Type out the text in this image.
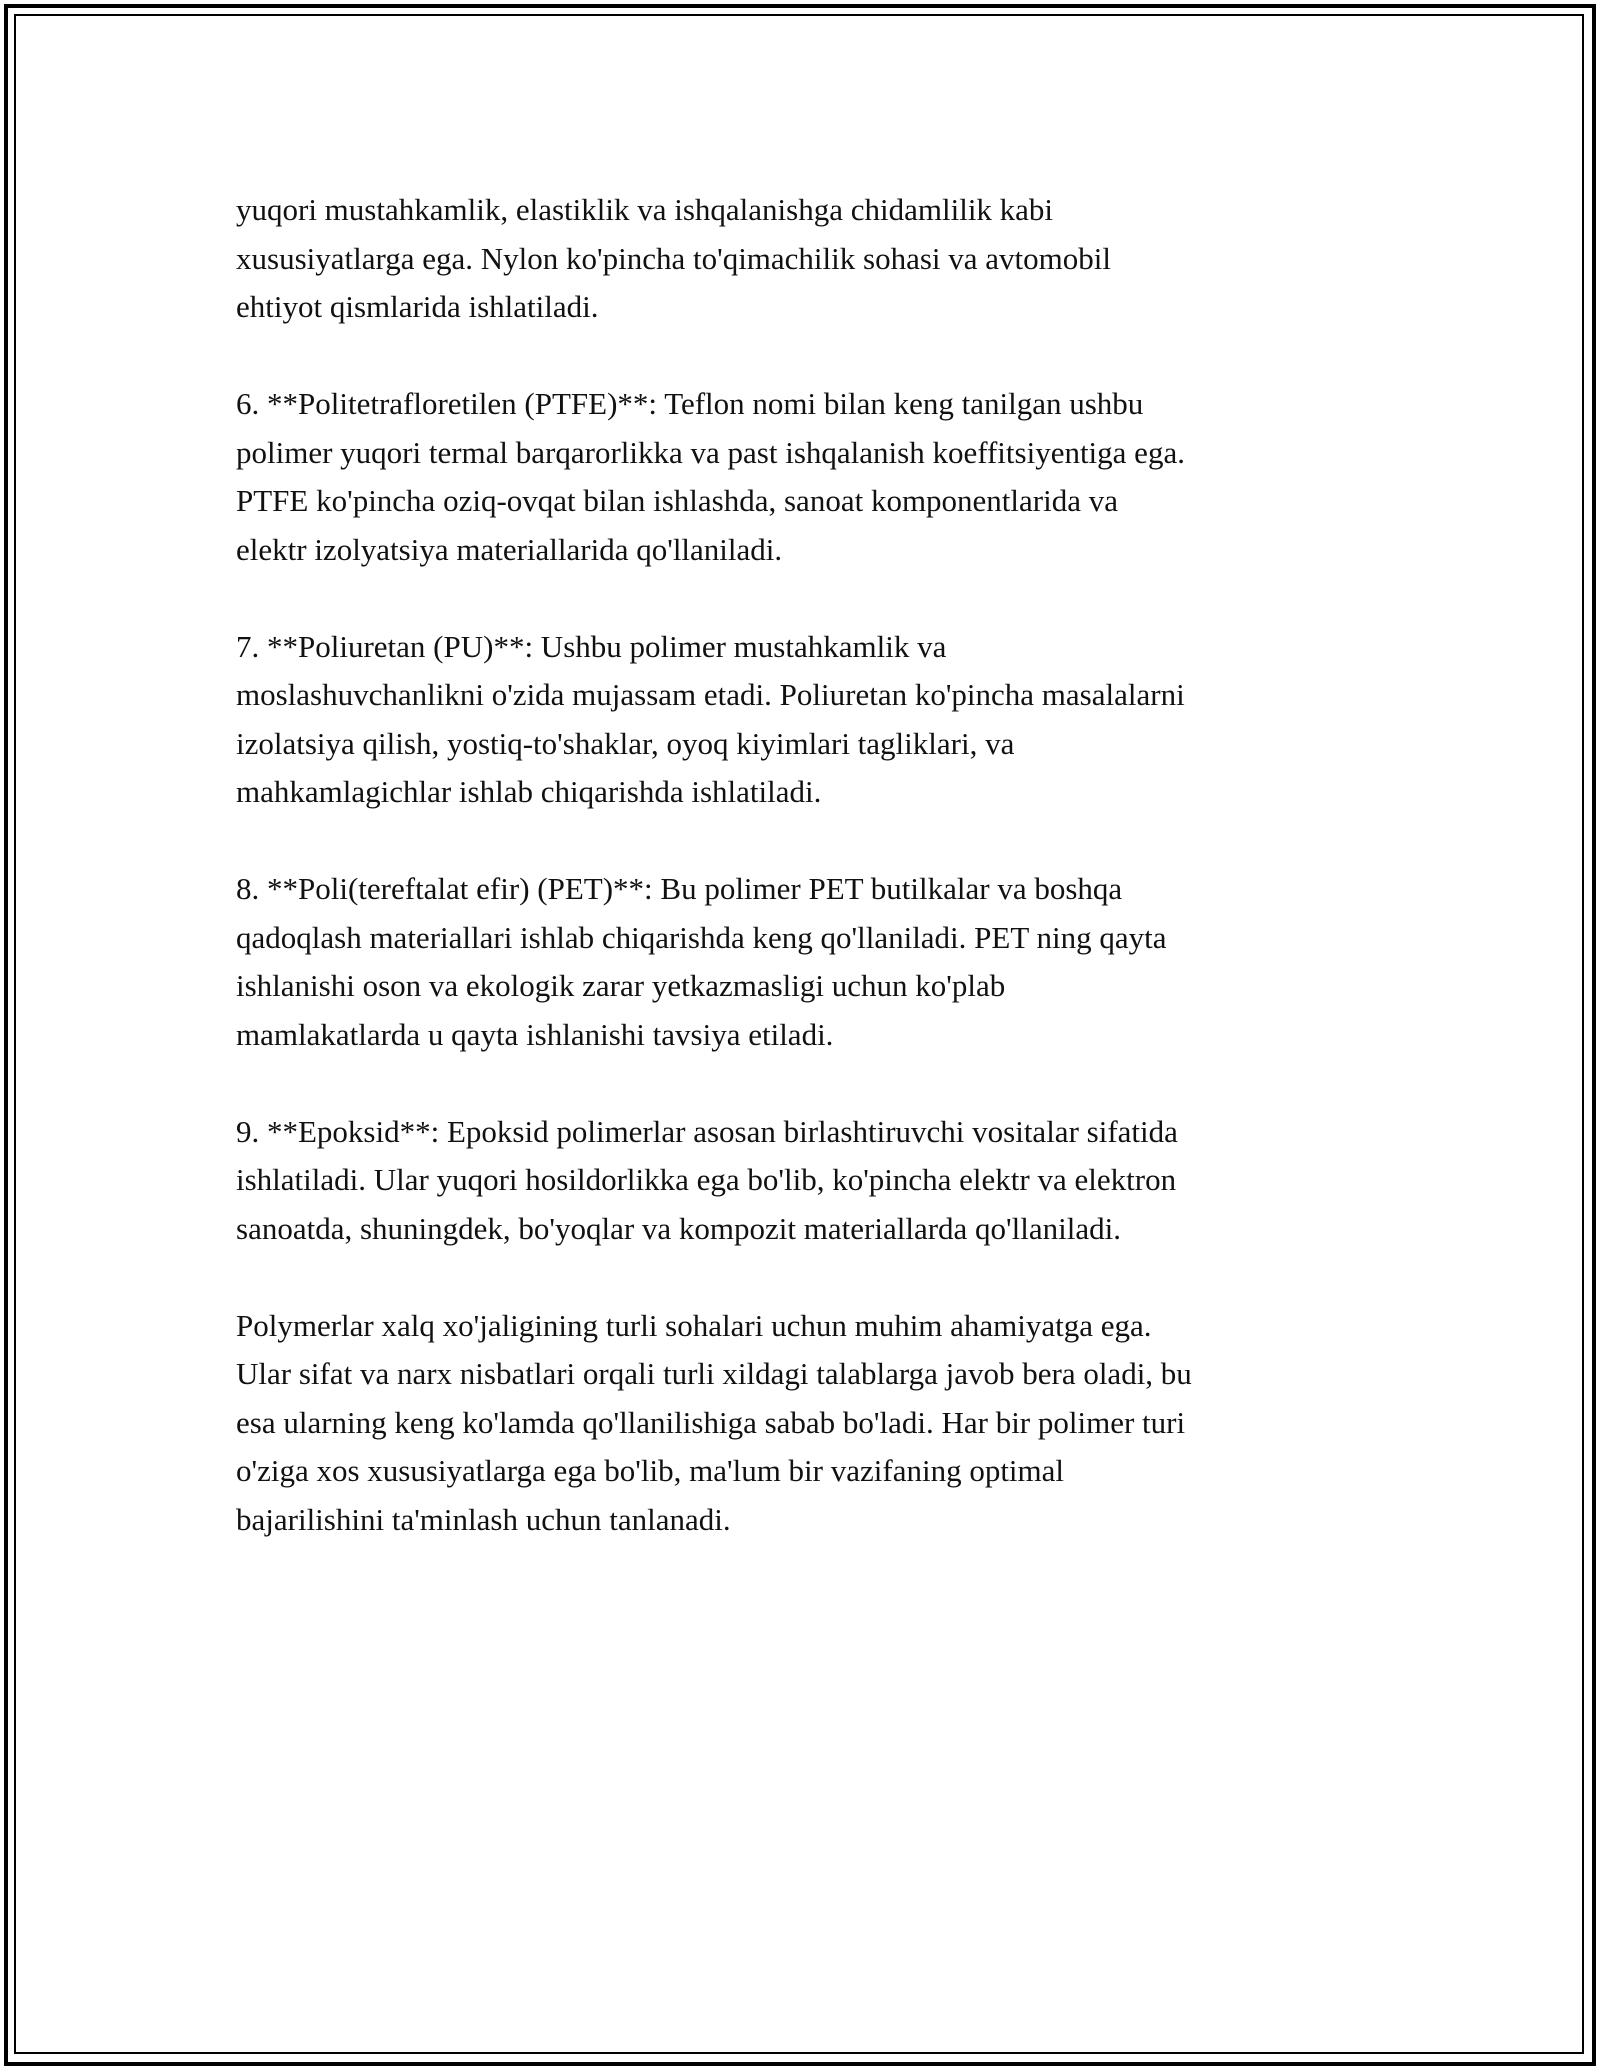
yuqori mustahkamlik, elastiklik va ishqalanishga chidamlilik kabi
xususiyatlarga ega. Nylon ko'pincha to'qimachilik sohasi va avtomobil
ehtiyot qismlarida ishlatiladi.

6. **Politetrafloretilen (PTFE)**: Teflon nomi bilan keng tanilgan ushbu
polimer yuqori termal barqarorlikka va past ishqalanish koeffitsiyentiga ega.
PTFE ko'pincha oziq-ovqat bilan ishlashda, sanoat komponentlarida va
elektr izolyatsiya materiallarida qo'llaniladi.

7. **Poliuretan (PU)**: Ushbu polimer mustahkamlik va
moslashuvchanlikni o'zida mujassam etadi. Poliuretan ko'pincha masalalarni
izolatsiya qilish, yostiq-to'shaklar, oyoq kiyimlari tagliklari, va
mahkamlagichlar ishlab chiqarishda ishlatiladi.

8. **Poli(tereftalat efir) (PET)**: Bu polimer PET butilkalar va boshqa
qadoqlash materiallari ishlab chiqarishda keng qo'llaniladi. PET ning qayta
ishlanishi oson va ekologik zarar yetkazmasligi uchun ko'plab
mamlakatlarda u qayta ishlanishi tavsiya etiladi.

9. **Epoksid**: Epoksid polimerlar asosan birlashtiruvchi vositalar sifatida
ishlatiladi. Ular yuqori hosildorlikka ega bo'lib, ko'pincha elektr va elektron
sanoatda, shuningdek, bo'yoqlar va kompozit materiallarda qo'llaniladi.

Polymerlar xalq xo'jaligining turli sohalari uchun muhim ahamiyatga ega.
Ular sifat va narx nisbatlari orqali turli xildagi talablarga javob bera oladi, bu
esa ularning keng ko'lamda qo'llanilishiga sabab bo'ladi. Har bir polimer turi
o'ziga xos xususiyatlarga ega bo'lib, ma'lum bir vazifaning optimal
bajarilishini ta'minlash uchun tanlanadi.
